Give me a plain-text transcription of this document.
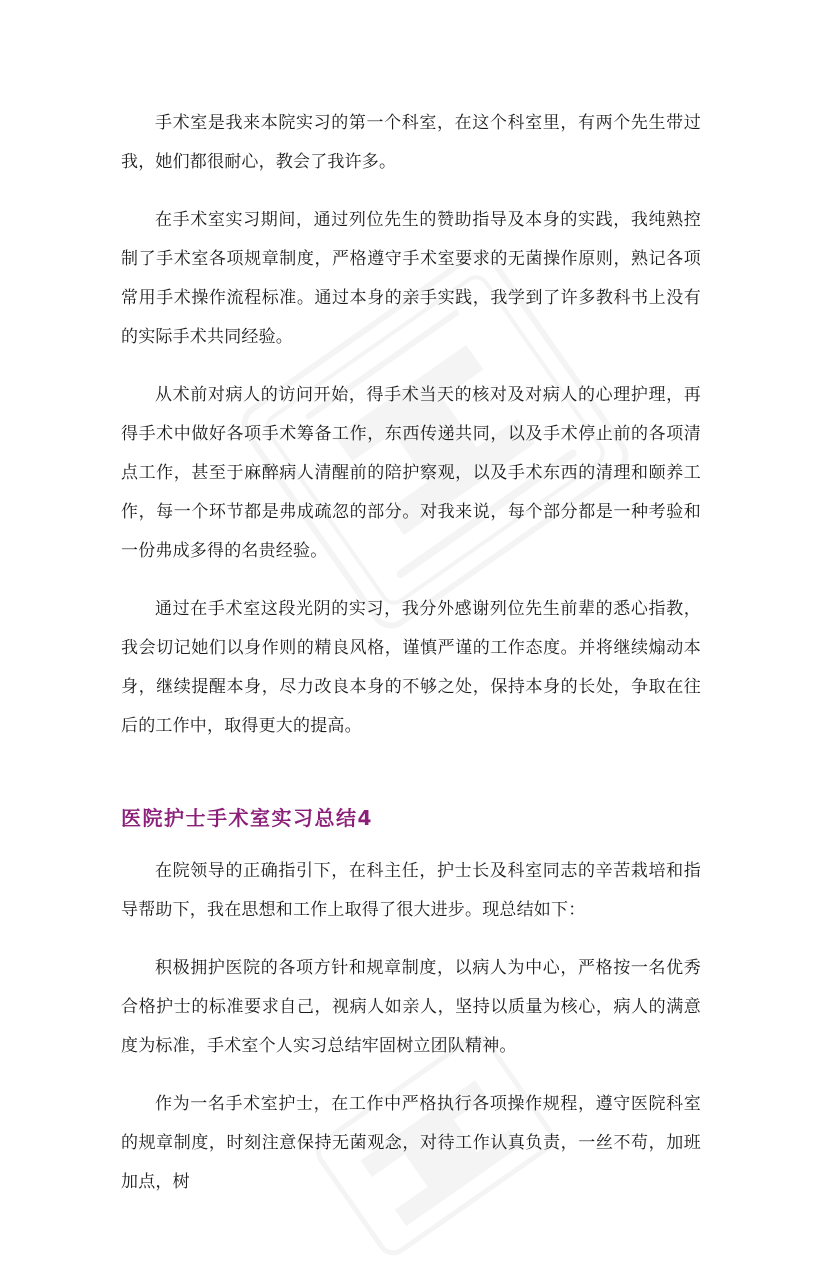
手术室是我来本院实习的第一个科室，在这个科室里，有两个先生带过我，她们都很耐心，教会了我许多。

在手术室实习期间，通过列位先生的赞助指导及本身的实践，我纯熟控制了手术室各项规章制度，严格遵守手术室要求的无菌操作原则，熟记各项常用手术操作流程标准。通过本身的亲手实践，我学到了许多教科书上没有的实际手术共同经验。

从术前对病人的访问开始，得手术当天的核对及对病人的心理护理，再得手术中做好各项手术筹备工作，东西传递共同，以及手术停止前的各项清点工作，甚至于麻醉病人清醒前的陪护察观，以及手术东西的清理和颐养工作，每一个环节都是弗成疏忽的部分。对我来说，每个部分都是一种考验和一份弗成多得的名贵经验。

通过在手术室这段光阴的实习，我分外感谢列位先生前辈的悉心指教，我会切记她们以身作则的精良风格，谨慎严谨的工作态度。并将继续煽动本身，继续提醒本身，尽力改良本身的不够之处，保持本身的长处，争取在往后的工作中，取得更大的提高。

医院护士手术室实习总结4

在院领导的正确指引下，在科主任，护士长及科室同志的辛苦栽培和指导帮助下，我在思想和工作上取得了很大进步。现总结如下：

积极拥护医院的各项方针和规章制度，以病人为中心，严格按一名优秀合格护士的标准要求自己，视病人如亲人，坚持以质量为核心，病人的满意度为标准，手术室个人实习总结牢固树立团队精神。

作为一名手术室护士，在工作中严格执行各项操作规程，遵守医院科室的规章制度，时刻注意保持无菌观念，对待工作认真负责，一丝不苟，加班加点，树
